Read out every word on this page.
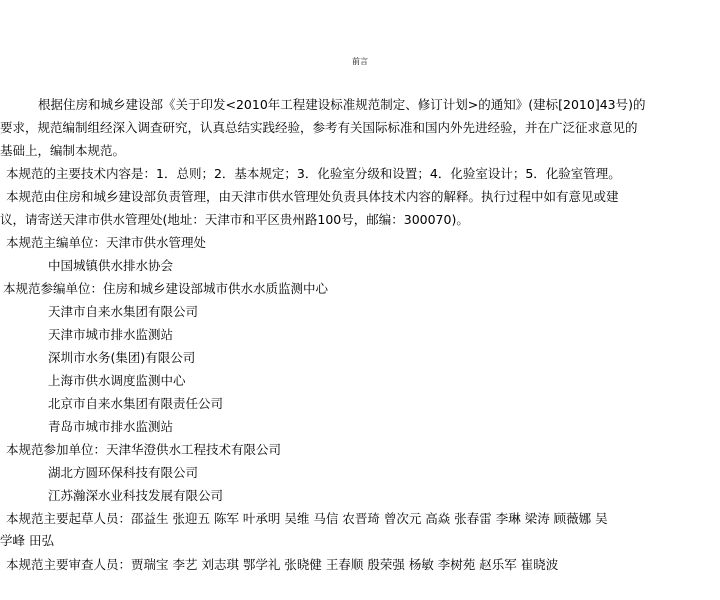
前言
根据住房和城乡建设部《关于印发<2010年工程建设标准规范制定、修订计划>的通知》(建标[2010]43号)的
要求，规范编制组经深入调查研究，认真总结实践经验，参考有关国际标准和国内外先进经验，并在广泛征求意见的
基础上，编制本规范。
本规范的主要技术内容是：1．总则；2．基本规定；3．化验室分级和设置；4．化验室设计；5．化验室管理。
本规范由住房和城乡建设部负责管理，由天津市供水管理处负责具体技术内容的解释。执行过程中如有意见或建
议，请寄送天津市供水管理处(地址：天津市和平区贵州路100号，邮编：300070)。
本规范主编单位：天津市供水管理处
中国城镇供水排水协会
本规范参编单位：住房和城乡建设部城市供水水质监测中心
天津市自来水集团有限公司
天津市城市排水监测站
深圳市水务(集团)有限公司
上海市供水调度监测中心
北京市自来水集团有限责任公司
青岛市城市排水监测站
本规范参加单位：天津华澄供水工程技术有限公司
湖北方圆环保科技有限公司
江苏瀚深水业科技发展有限公司
本规范主要起草人员：邵益生 张迎五 陈军 叶承明 吴维 马信 农晋琦 曾次元 高焱 张春雷 李琳 梁涛 顾薇娜 吴
学峰 田弘
本规范主要审查人员：贾瑞宝 李艺 刘志琪 鄂学礼 张晓健 王春顺 殷荣强 杨敏 李树苑 赵乐军 崔晓波
